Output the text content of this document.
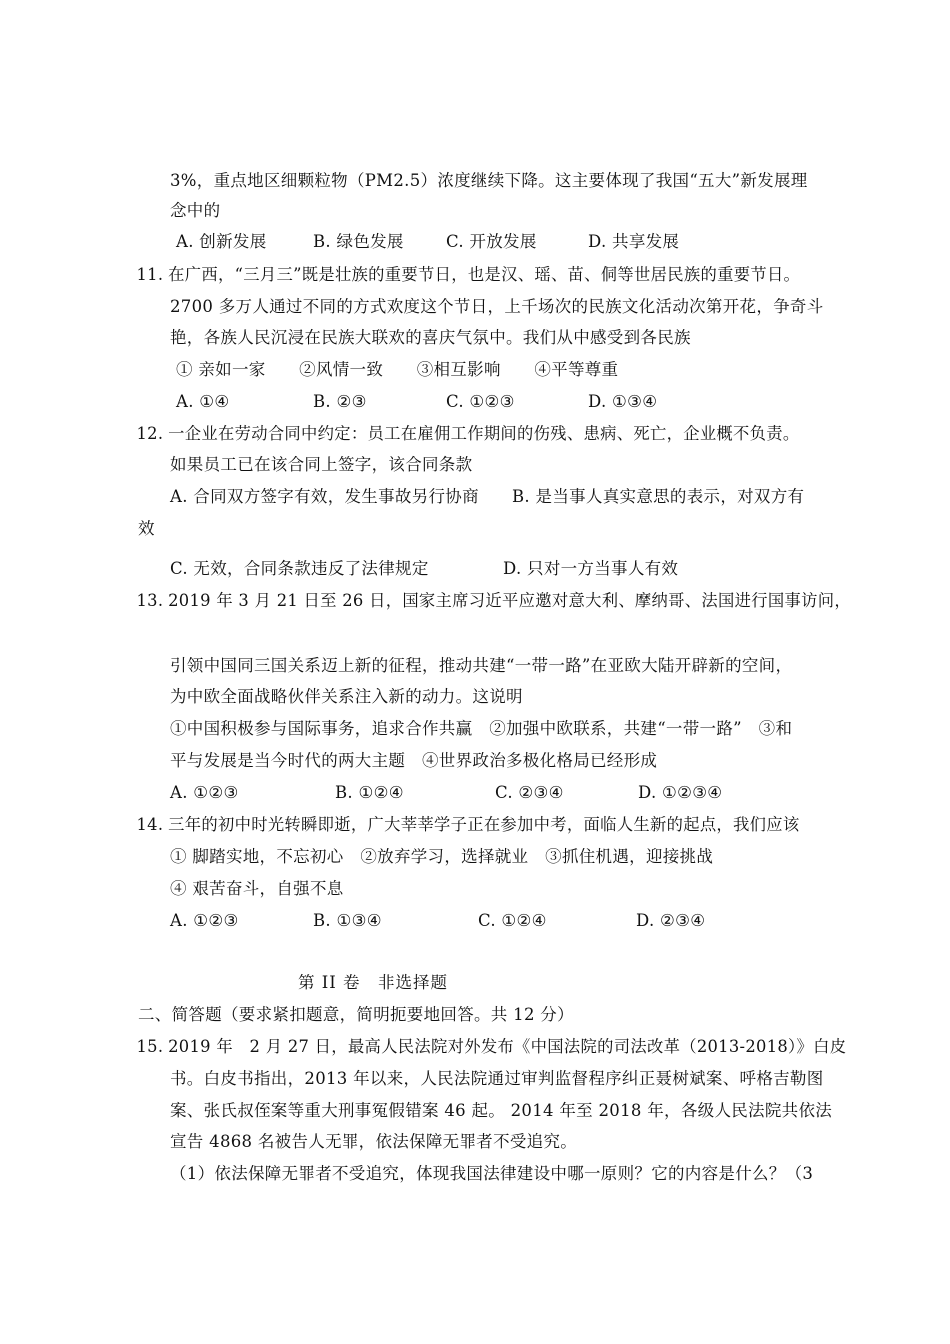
3%，重点地区细颗粒物（PM2.5）浓度继续下降。这主要体现了我国“五大”新发展理
念中的
A. 创新发展	B. 绿色发展	C. 开放发展	D. 共享发展
11. 在广西，“三月三”既是壮族的重要节日，也是汉、瑶、苗、侗等世居民族的重要节日。
2700 多万人通过不同的方式欢度这个节日，上千场次的民族文化活动次第开花，争奇斗
艳，各族人民沉浸在民族大联欢的喜庆气氛中。我们从中感受到各民族
① 亲如一家　　②风情一致　　③相互影响　　④平等尊重
A. ①④	B. ②③	C. ①②③	D. ①③④
12. 一企业在劳动合同中约定：员工在雇佣工作期间的伤残、患病、死亡，企业概不负责。
如果员工已在该合同上签字，该合同条款
A. 合同双方签字有效，发生事故另行协商 B. 是当事人真实意思的表示，对双方有
效
C. 无效，合同条款违反了法律规定	D. 只对一方当事人有效
13. 2019 年 3 月 21 日至 26 日，国家主席习近平应邀对意大利、摩纳哥、法国进行国事访问，
引领中国同三国关系迈上新的征程，推动共建“一带一路”在亚欧大陆开辟新的空间，
为中欧全面战略伙伴关系注入新的动力。这说明
①中国积极参与国际事务，追求合作共赢　②加强中欧联系，共建“一带一路”　③和
平与发展是当今时代的两大主题　④世界政治多极化格局已经形成
A. ①②③	B. ①②④	C. ②③④	D. ①②③④
14. 三年的初中时光转瞬即逝，广大莘莘学子正在参加中考，面临人生新的起点，我们应该
① 脚踏实地，不忘初心　②放弃学习，选择就业　③抓住机遇，迎接挑战
④ 艰苦奋斗，自强不息
A. ①②③	B. ①③④	C. ①②④	D. ②③④
第 II 卷　非选择题
二、简答题（要求紧扣题意，简明扼要地回答。共 12 分）
15. 2019 年　2 月 27 日，最高人民法院对外发布《中国法院的司法改革（2013-2018）》白皮
书。白皮书指出，2013 年以来，人民法院通过审判监督程序纠正聂树斌案、呼格吉勒图
案、张氏叔侄案等重大刑事冤假错案 46 起。 2014 年至 2018 年，各级人民法院共依法
宣告 4868 名被告人无罪，依法保障无罪者不受追究。
（1）依法保障无罪者不受追究，体现我国法律建设中哪一原则？它的内容是什么？（3
